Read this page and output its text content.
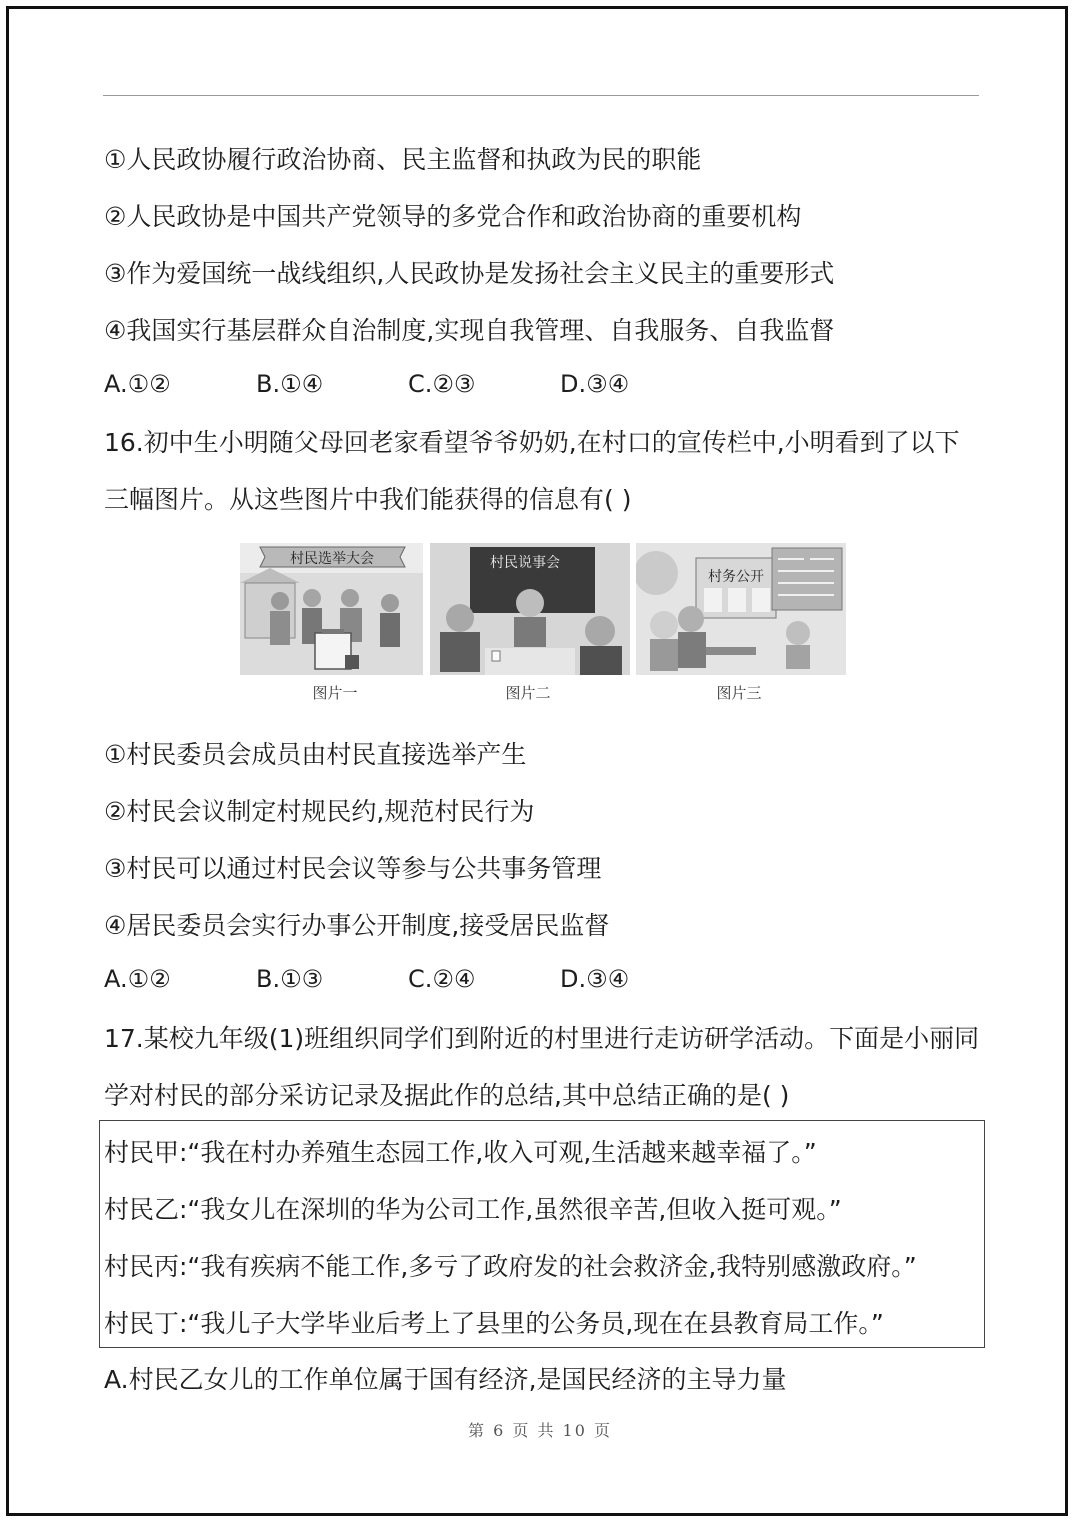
①人民政协履行政治协商、民主监督和执政为民的职能
②人民政协是中国共产党领导的多党合作和政治协商的重要机构
③作为爱国统一战线组织,人民政协是发扬社会主义民主的重要形式
④我国实行基层群众自治制度,实现自我管理、自我服务、自我监督
A.①②	B.①④	C.②③	D.③④
16.初中生小明随父母回老家看望爷爷奶奶,在村口的宣传栏中,小明看到了以下
三幅图片。从这些图片中我们能获得的信息有( )
村民选举大会	村民说事会
村务公开
图片一	图片二	图片三
①村民委员会成员由村民直接选举产生
②村民会议制定村规民约,规范村民行为
③村民可以通过村民会议等参与公共事务管理
④居民委员会实行办事公开制度,接受居民监督
A.①②	B.①③	C.②④	D.③④
17.某校九年级(1)班组织同学们到附近的村里进行走访研学活动。下面是小丽同
学对村民的部分采访记录及据此作的总结,其中总结正确的是( )
村民甲:“我在村办养殖生态园工作,收入可观,生活越来越幸福了。”
村民乙:“我女儿在深圳的华为公司工作,虽然很辛苦,但收入挺可观。”
村民丙:“我有疾病不能工作,多亏了政府发的社会救济金,我特别感激政府。”
村民丁:“我儿子大学毕业后考上了县里的公务员,现在在县教育局工作。”
A.村民乙女儿的工作单位属于国有经济,是国民经济的主导力量
第 6 页 共 10 页
